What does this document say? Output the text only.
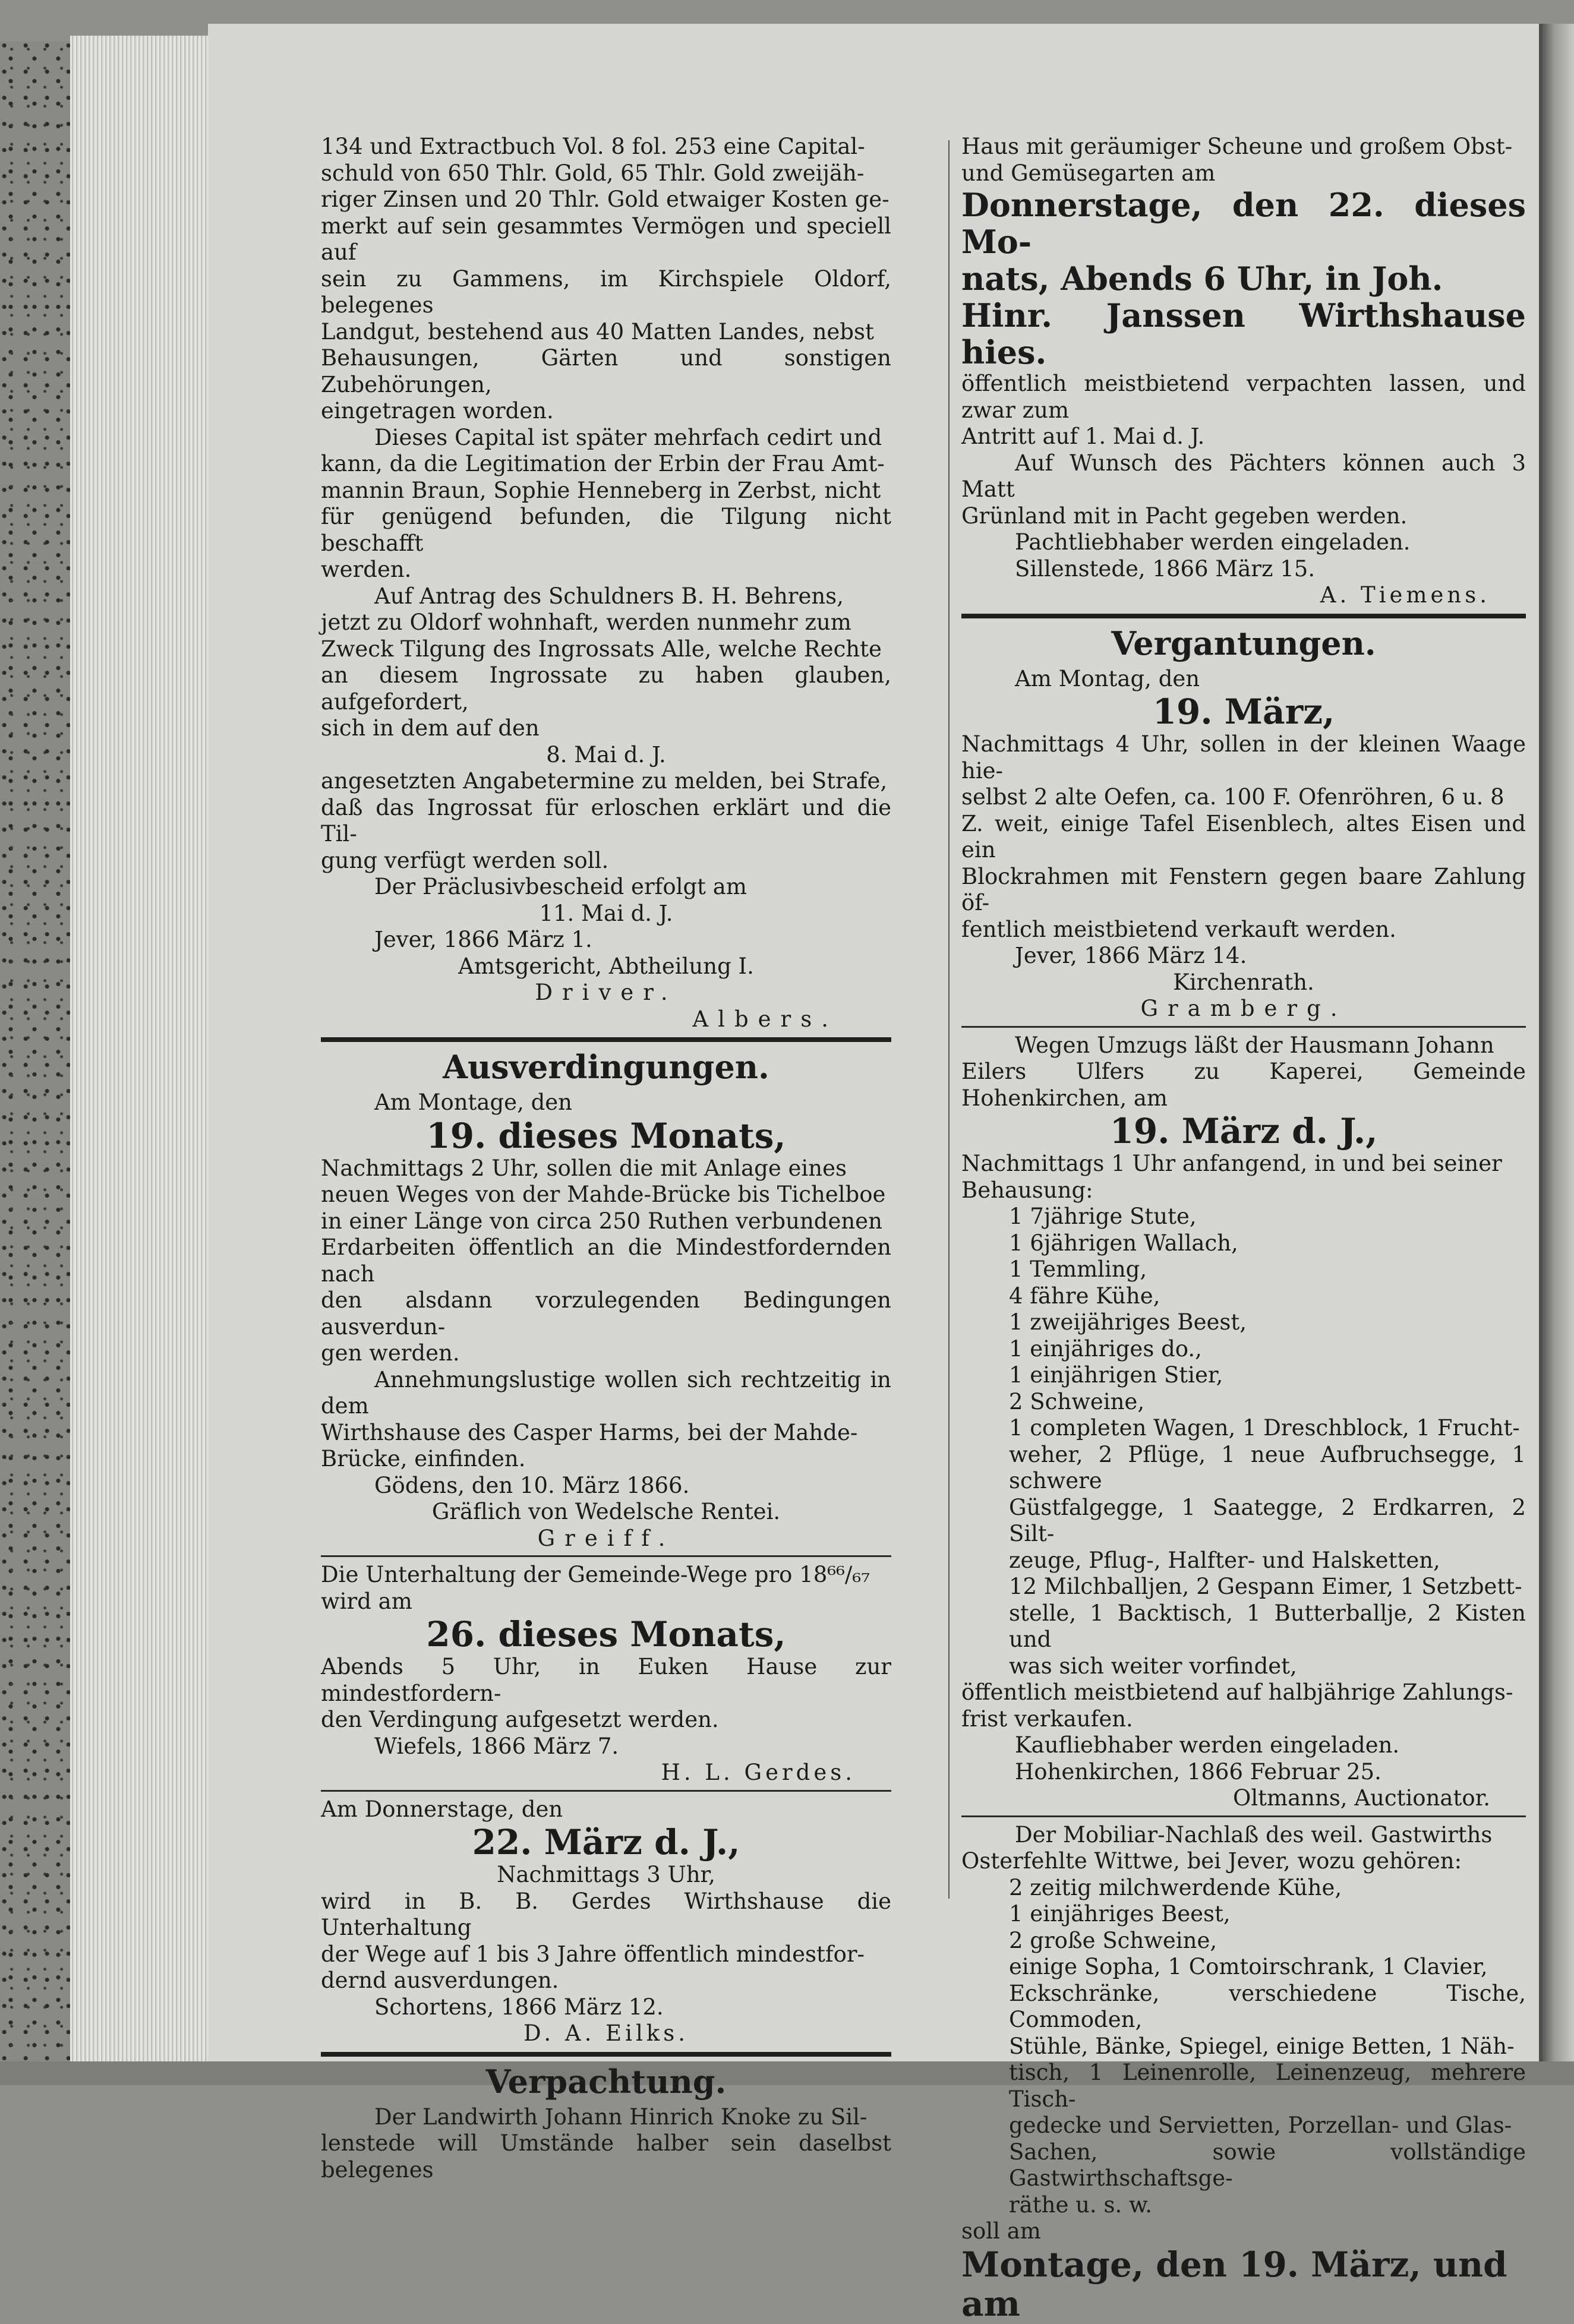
134 und Extractbuch Vol. 8 fol. 253 eine Capital-

schuld von 650 Thlr. Gold, 65 Thlr. Gold zweijäh-

riger Zinsen und 20 Thlr. Gold etwaiger Kosten ge-

merkt auf sein gesammtes Vermögen und speciell auf

sein zu Gammens, im Kirchspiele Oldorf, belegenes

Landgut, bestehend aus 40 Matten Landes, nebst

Behausungen, Gärten und sonstigen Zubehörungen,

eingetragen worden.

Dieses Capital ist später mehrfach cedirt und

kann, da die Legitimation der Erbin der Frau Amt-

mannin Braun, Sophie Henneberg in Zerbst, nicht

für genügend befunden, die Tilgung nicht beschafft

werden.

Auf Antrag des Schuldners B. H. Behrens,

jetzt zu Oldorf wohnhaft, werden nunmehr zum

Zweck Tilgung des Ingrossats Alle, welche Rechte

an diesem Ingrossate zu haben glauben, aufgefordert,

sich in dem auf den

8. Mai d. J.

angesetzten Angabetermine zu melden, bei Strafe,

daß das Ingrossat für erloschen erklärt und die Til-

gung verfügt werden soll.

Der Präclusivbescheid erfolgt am

11. Mai d. J.

Jever, 1866 März 1.

Amtsgericht, Abtheilung I.

Driver.

Albers.

Ausverdingungen.

Am Montage, den

19. dieses Monats,

Nachmittags 2 Uhr, sollen die mit Anlage eines

neuen Weges von der Mahde-Brücke bis Tichelboe

in einer Länge von circa 250 Ruthen verbundenen

Erdarbeiten öffentlich an die Mindestfordernden nach

den alsdann vorzulegenden Bedingungen ausverdun-

gen werden.

Annehmungslustige wollen sich rechtzeitig in dem

Wirthshause des Casper Harms, bei der Mahde-

Brücke, einfinden.

Gödens, den 10. März 1866.

Gräflich von Wedelsche Rentei.

Greiff.

Die Unterhaltung der Gemeinde-Wege pro 18⁶⁶/₆₇

wird am

26. dieses Monats,

Abends 5 Uhr, in Euken Hause zur mindestfordern-

den Verdingung aufgesetzt werden.

Wiefels, 1866 März 7.

H. L. Gerdes.

Am Donnerstage, den

22. März d. J.,

Nachmittags 3 Uhr,

wird in B. B. Gerdes Wirthshause die Unterhaltung

der Wege auf 1 bis 3 Jahre öffentlich mindestfor-

dernd ausverdungen.

Schortens, 1866 März 12.

D. A. Eilks.

Verpachtung.

Der Landwirth Johann Hinrich Knoke zu Sil-

lenstede will Umstände halber sein daselbst belegenes

Haus mit geräumiger Scheune und großem Obst-

und Gemüsegarten am

Donnerstage, den 22. dieses Mo-

nats, Abends 6 Uhr, in Joh.

Hinr. Janssen Wirthshause hies.

öffentlich meistbietend verpachten lassen, und zwar zum

Antritt auf 1. Mai d. J.

Auf Wunsch des Pächters können auch 3 Matt

Grünland mit in Pacht gegeben werden.

Pachtliebhaber werden eingeladen.

Sillenstede, 1866 März 15.

A. Tiemens.

Vergantungen.

Am Montag, den

19. März,

Nachmittags 4 Uhr, sollen in der kleinen Waage hie-

selbst 2 alte Oefen, ca. 100 F. Ofenröhren, 6 u. 8

Z. weit, einige Tafel Eisenblech, altes Eisen und ein

Blockrahmen mit Fenstern gegen baare Zahlung öf-

fentlich meistbietend verkauft werden.

Jever, 1866 März 14.

Kirchenrath.

Gramberg.

Wegen Umzugs läßt der Hausmann Johann

Eilers Ulfers zu Kaperei, Gemeinde Hohenkirchen, am

19. März d. J.,

Nachmittags 1 Uhr anfangend, in und bei seiner

Behausung:

1 7jährige Stute,

1 6jährigen Wallach,

1 Temmling,

4 fähre Kühe,

1 zweijähriges Beest,

1 einjähriges do.,

1 einjährigen Stier,

2 Schweine,

1 completen Wagen, 1 Dreschblock, 1 Frucht-

weher, 2 Pflüge, 1 neue Aufbruchsegge, 1 schwere

Güstfalgegge, 1 Saategge, 2 Erdkarren, 2 Silt-

zeuge, Pflug-, Halfter- und Halsketten,

12 Milchballjen, 2 Gespann Eimer, 1 Setzbett-

stelle, 1 Backtisch, 1 Butterballje, 2 Kisten und

was sich weiter vorfindet,

öffentlich meistbietend auf halbjährige Zahlungs-

frist verkaufen.

Kaufliebhaber werden eingeladen.

Hohenkirchen, 1866 Februar 25.

Oltmanns, Auctionator.

Der Mobiliar-Nachlaß des weil. Gastwirths

Osterfehlte Wittwe, bei Jever, wozu gehören:

2 zeitig milchwerdende Kühe,

1 einjähriges Beest,

2 große Schweine,

einige Sopha, 1 Comtoirschrank, 1 Clavier,

Eckschränke, verschiedene Tische, Commoden,

Stühle, Bänke, Spiegel, einige Betten, 1 Näh-

tisch, 1 Leinenrolle, Leinenzeug, mehrere Tisch-

gedecke und Servietten, Porzellan- und Glas-

Sachen, sowie vollständige Gastwirthschaftsge-

räthe u. s. w.

soll am

Montage, den 19. März, und am
